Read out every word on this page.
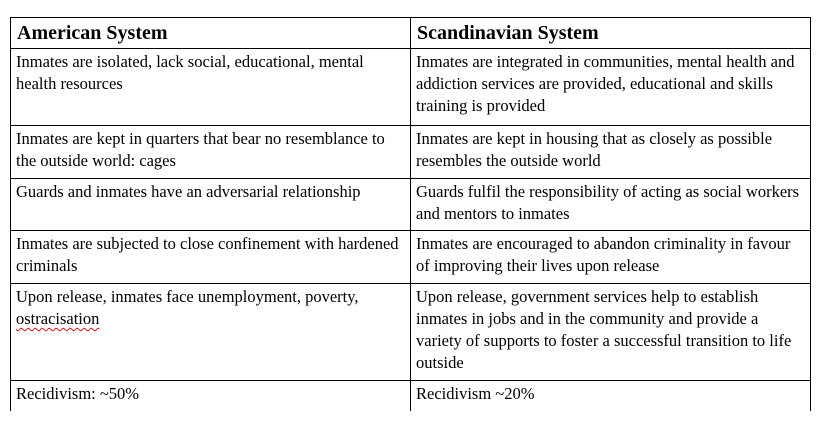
American System	Scandinavian System
Inmates are isolated, lack social, educational, mental health resources	Inmates are integrated in communities, mental health and addiction services are provided, educational and skills training is provided
Inmates are kept in quarters that bear no resemblance to the outside world: cages	Inmates are kept in housing that as closely as possible resembles the outside world
Guards and inmates have an adversarial relationship	Guards fulfil the responsibility of acting as social workers and mentors to inmates
Inmates are subjected to close confinement with hardened criminals	Inmates are encouraged to abandon criminality in favour of improving their lives upon release
Upon release, inmates face unemployment, poverty, ostracisation	Upon release, government services help to establish inmates in jobs and in the community and provide a variety of supports to foster a successful transition to life outside
Recidivism: ~50%	Recidivism ~20%
